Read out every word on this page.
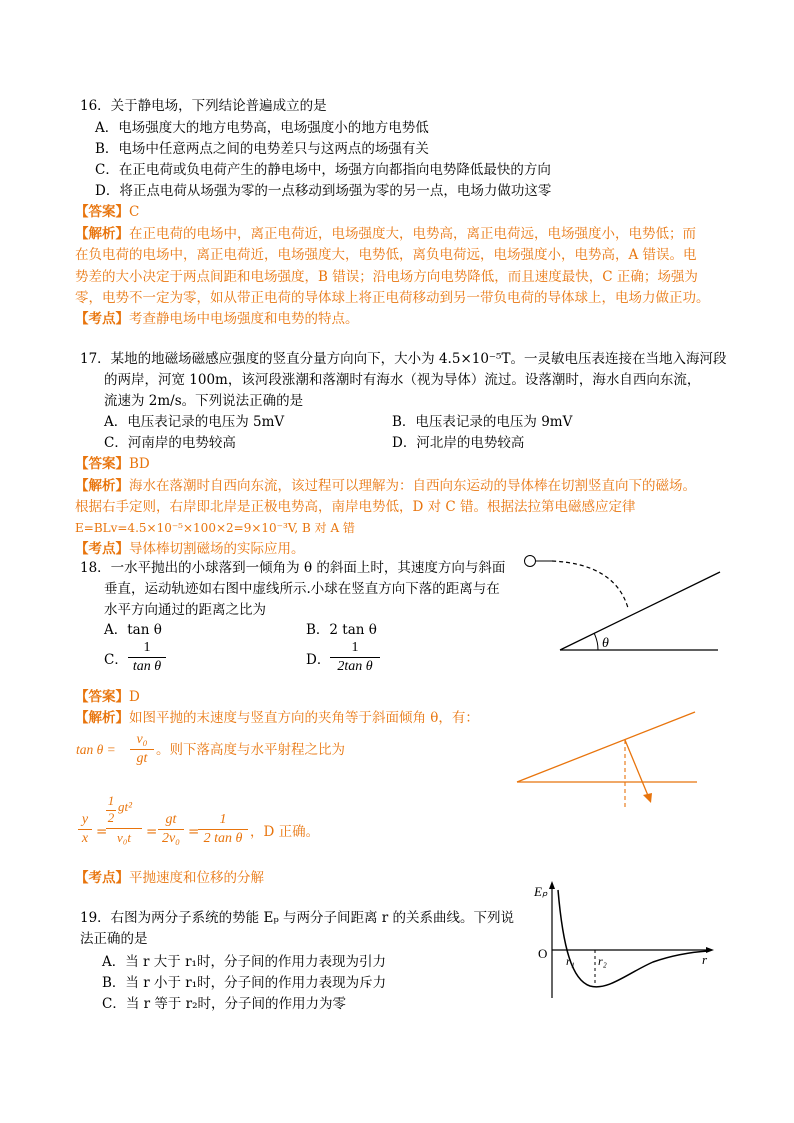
16．关于静电场，下列结论普遍成立的是
A．电场强度大的地方电势高，电场强度小的地方电势低
B．电场中任意两点之间的电势差只与这两点的场强有关
C．在正电荷或负电荷产生的静电场中，场强方向都指向电势降低最快的方向
D．将正点电荷从场强为零的一点移动到场强为零的另一点，电场力做功这零
【答案】C
【解析】在正电荷的电场中，离正电荷近，电场强度大，电势高，离正电荷远，电场强度小，电势低；而
在负电荷的电场中，离正电荷近，电场强度大，电势低，离负电荷远，电场强度小，电势高，A 错误。电
势差的大小决定于两点间距和电场强度，B 错误；沿电场方向电势降低，而且速度最快，C 正确；场强为
零，电势不一定为零，如从带正电荷的导体球上将正电荷移动到另一带负电荷的导体球上，电场力做正功。
【考点】考查静电场中电场强度和电势的特点。
17．某地的地磁场磁感应强度的竖直分量方向向下，大小为 4.5×10⁻⁵T。一灵敏电压表连接在当地入海河段
的两岸，河宽 100m，该河段涨潮和落潮时有海水（视为导体）流过。设落潮时，海水自西向东流，
流速为 2m/s。下列说法正确的是
A．电压表记录的电压为 5mV	B．电压表记录的电压为 9mV
C．河南岸的电势较高	D．河北岸的电势较高
【答案】BD
【解析】海水在落潮时自西向东流，该过程可以理解为：自西向东运动的导体棒在切割竖直向下的磁场。
根据右手定则，右岸即北岸是正极电势高，南岸电势低，D 对 C 错。根据法拉第电磁感应定律
E=BLv=4.5×10⁻⁵×100×2=9×10⁻³V, B 对 A 错
【考点】导体棒切割磁场的实际应用。
18．一水平抛出的小球落到一倾角为 θ 的斜面上时，其速度方向与斜面
垂直，运动轨迹如右图中虚线所示.小球在竖直方向下落的距离与在
水平方向通过的距离之比为
A．tan θ	B．2 tan θ
C．
1
tan θ	D．
1
2tan θ
θ
【答案】D
【解析】如图平抛的末速度与竖直方向的夹角等于斜面倾角 θ，有：
tan θ =
v₀
gt
。则下落高度与水平射程之比为
y
x =
1
2
gt²
v₀t	=
gt
2v₀ =
1
2 tan θ ，D 正确。
【考点】平抛速度和位移的分解
19．右图为两分子系统的势能 Eₚ 与两分子间距离 r 的关系曲线。下列说
法正确的是
A．当 r 大于 r₁时，分子间的作用力表现为引力
B．当 r 小于 r₁时，分子间的作用力表现为斥力
C．当 r 等于 r₂时，分子间的作用力为零
Eₚ
O r₁ r₂	r
